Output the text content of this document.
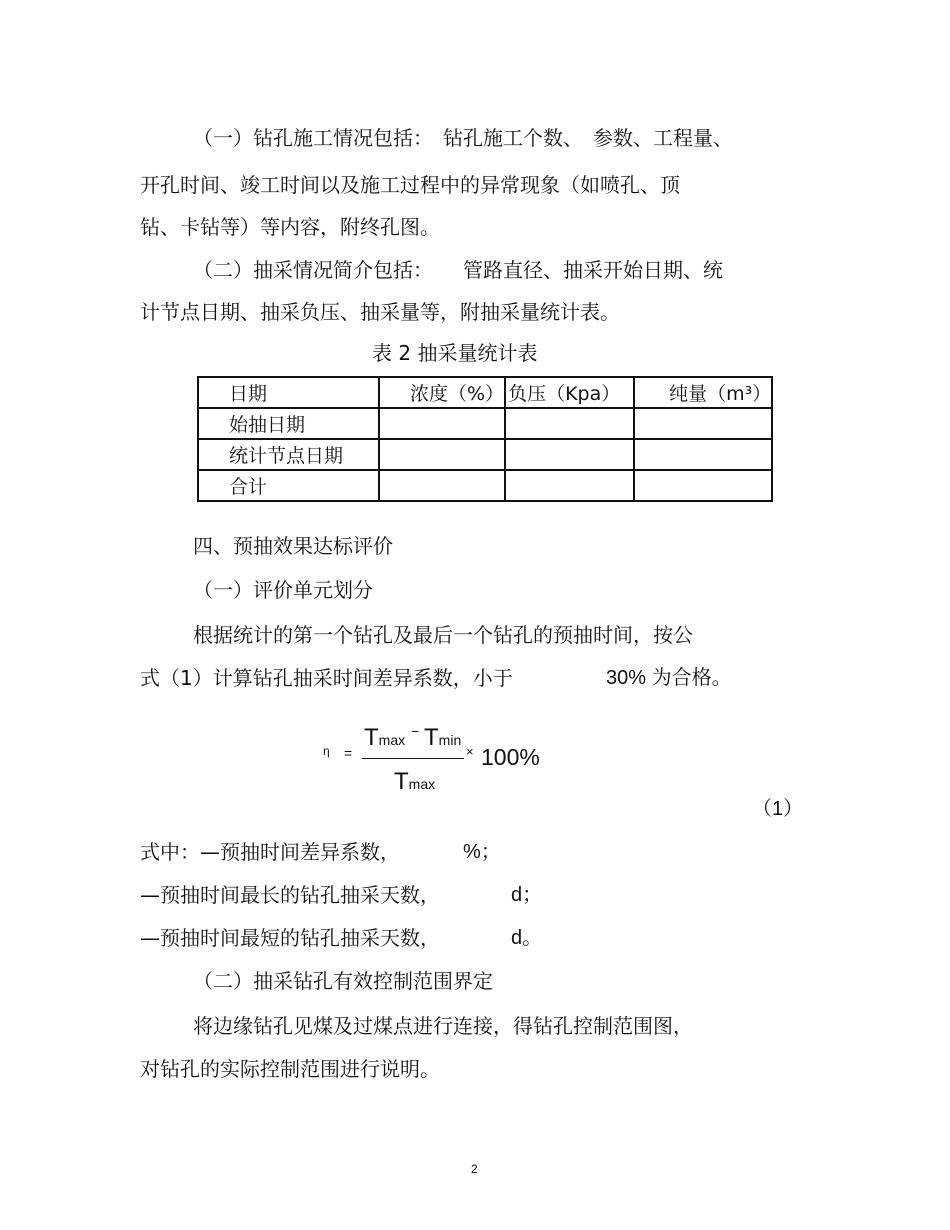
（一）钻孔施工情况包括：　钻孔施工个数、　参数、工程量、
开孔时间、竣工时间以及施工过程中的异常现象（如喷孔、顶
钻、卡钻等）等内容，附终孔图。
（二）抽采情况简介包括：　　管路直径、抽采开始日期、统
计节点日期、抽采负压、抽采量等，附抽采量统计表。
表 2 抽采量统计表
日期	浓度（%）	负压（Kpa）	纯量（m³）
始抽日期			
统计节点日期			
合计			
四、预抽效果达标评价
（一）评价单元划分
根据统计的第一个钻孔及最后一个钻孔的预抽时间，按公
式（1）计算钻孔抽采时间差异系数，小于	30% 为合格。
η =
Tmax
− Tmin
× 100%
Tmax
（1）
式中：—预抽时间差异系数，	%；
—预抽时间最长的钻孔抽采天数，	d；
—预抽时间最短的钻孔抽采天数，	d。
（二）抽采钻孔有效控制范围界定
将边缘钻孔见煤及过煤点进行连接，得钻孔控制范围图，
对钻孔的实际控制范围进行说明。
2
